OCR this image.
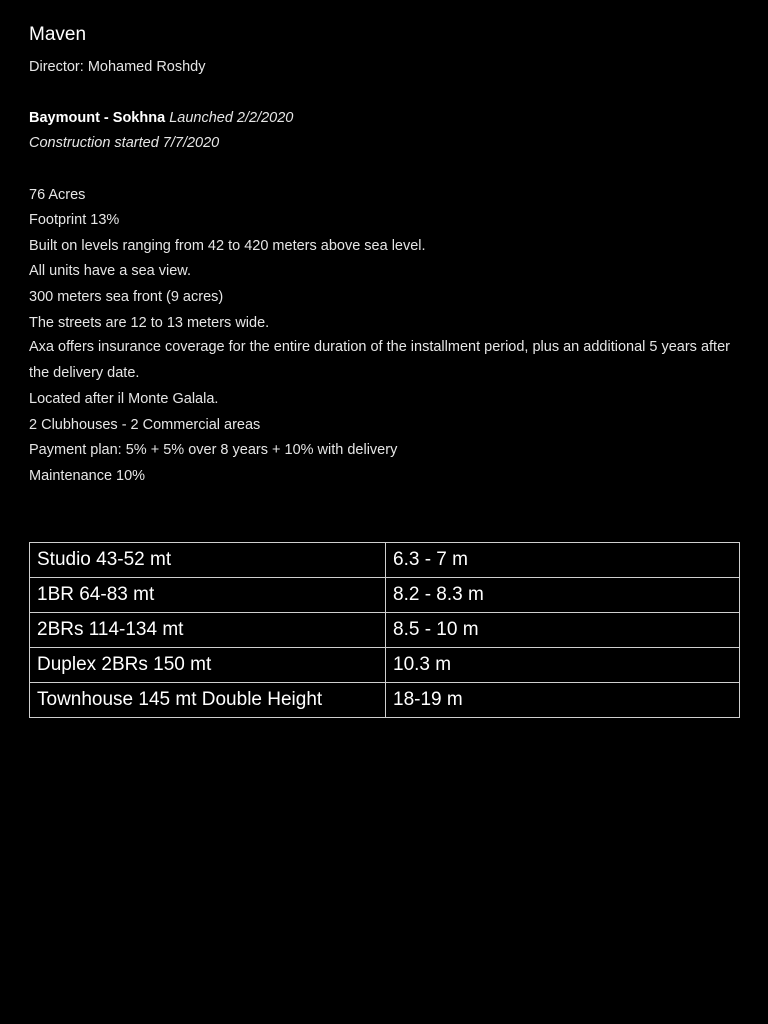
Maven
Director: Mohamed Roshdy
Baymount - Sokhna Launched 2/2/2020
Construction started 7/7/2020
76 Acres
Footprint 13%
Built on levels ranging from 42 to 420 meters above sea level.
All units have a sea view.
300 meters sea front (9 acres)
The streets are 12 to 13 meters wide.
Axa offers insurance coverage for the entire duration of the installment period, plus an additional 5 years after the delivery date.
Located after il Monte Galala.
2 Clubhouses - 2 Commercial areas
Payment plan: 5% + 5% over 8 years + 10% with delivery
Maintenance 10%
Studio 43-52 mt	6.3 - 7 m
1BR 64-83 mt	8.2 - 8.3 m
2BRs 114-134 mt	8.5 - 10 m
Duplex 2BRs 150 mt	10.3 m
Townhouse 145 mt Double Height	18-19 m
